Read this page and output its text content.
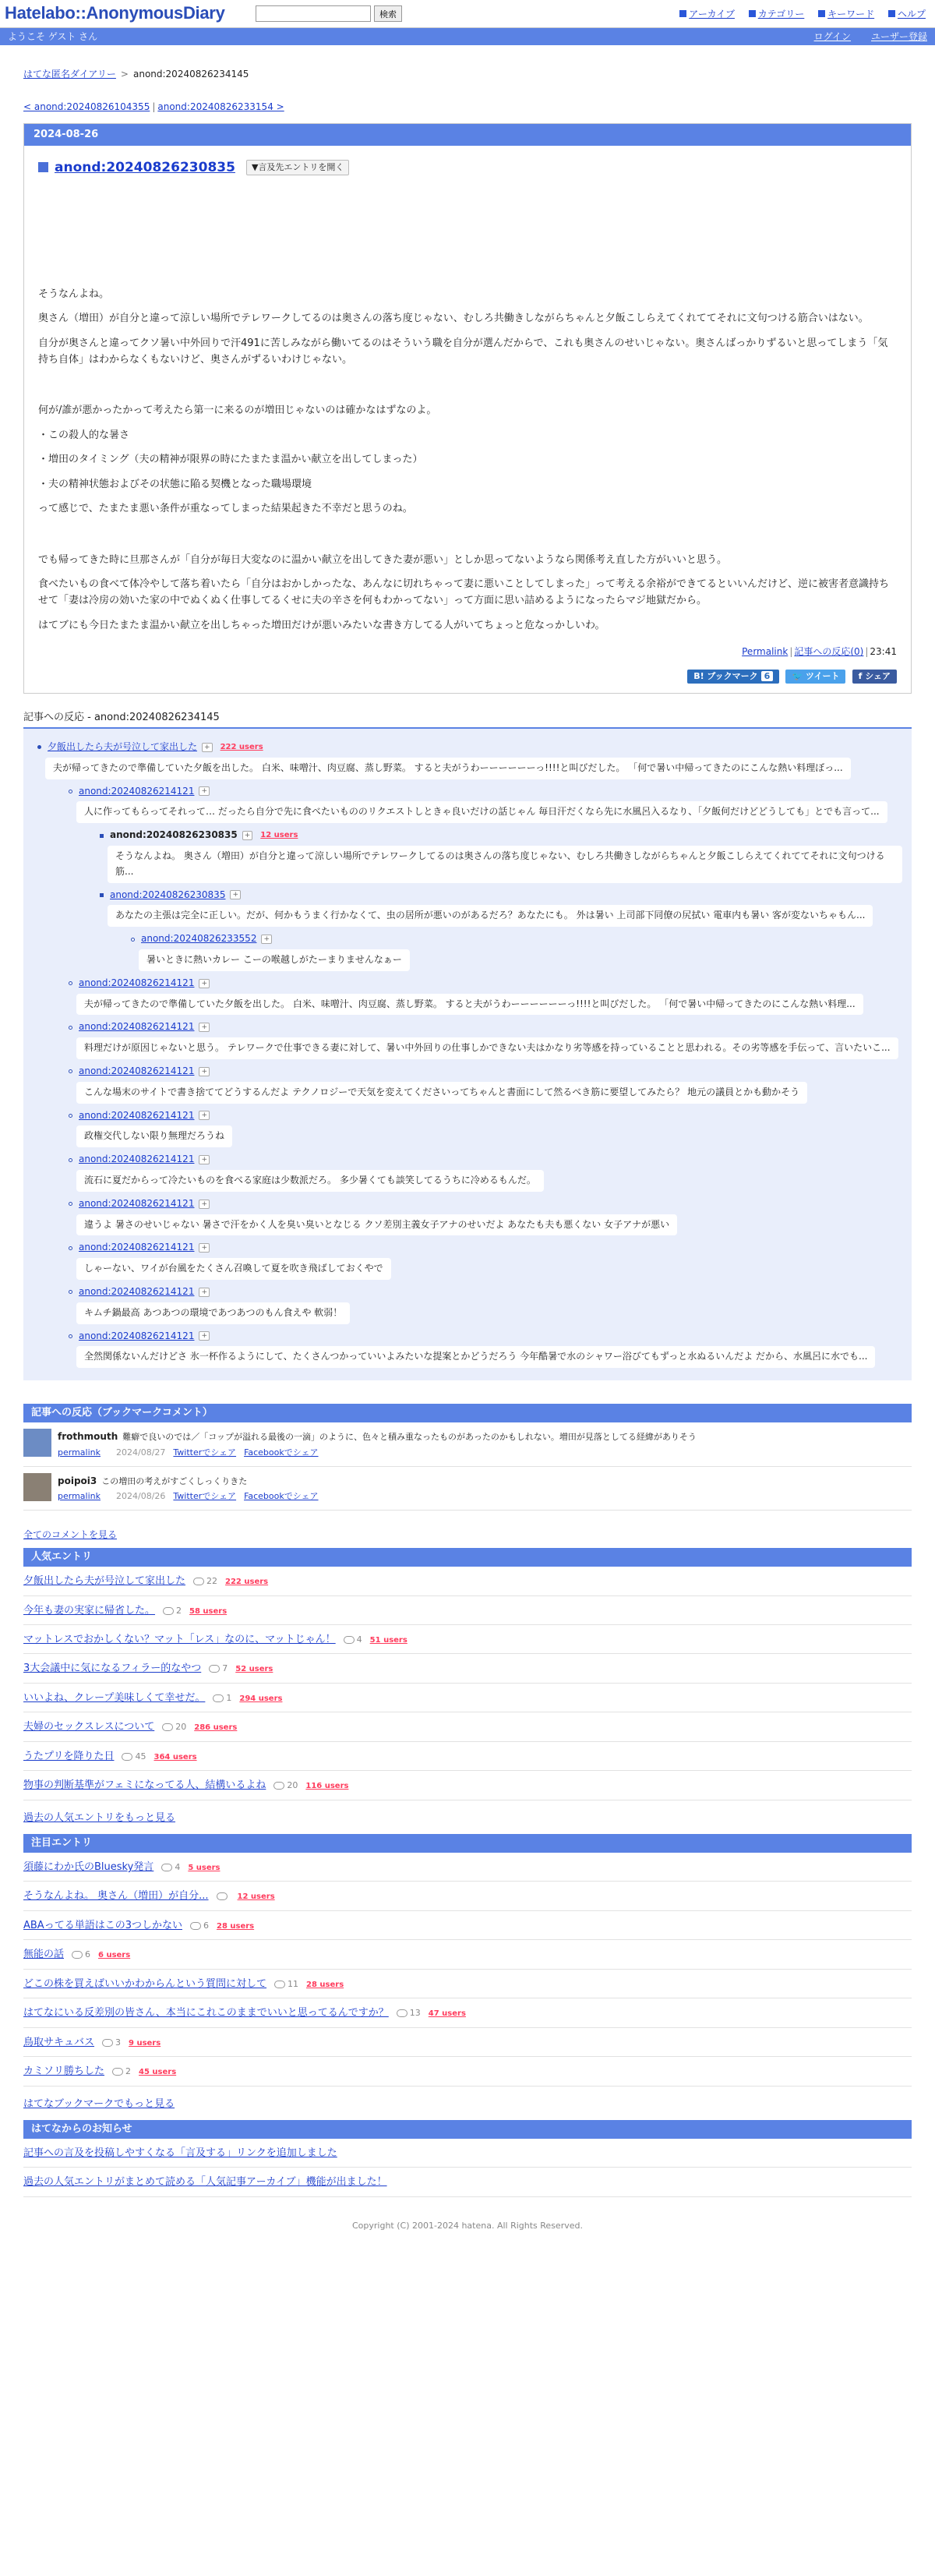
Hatelabo::AnonymousDiary	検索	アーカイブ カテゴリー キーワード ヘルプ
ようこそ ゲスト さん	ログイン ユーザー登録
はてな匿名ダイアリー > anond:20240826234145
< anond:20240826104355 | anond:20240826233154 >
2024-08-26
anond:20240826230835	▼言及先エントリを開く

そうなんよね。

奥さん（増田）が自分と違って涼しい場所でテレワークしてるのは奥さんの落ち度じゃない、むしろ共働きしながらちゃんと夕飯こしらえてくれててそれに文句つける筋合いはない。

自分が奥さんと違ってクソ暑い中外回りで汗491に苦しみながら働いてるのはそういう職を自分が選んだからで、これも奥さんのせいじゃない。奥さんばっかりずるいと思ってしまう「気持ち自体」はわからなくもないけど、奥さんがずるいわけじゃない。

何が/誰が悪かったかって考えたら第一に来るのが増田じゃないのは確かなはずなのよ。

・この殺人的な暑さ

・増田のタイミング（夫の精神が限界の時にたまたま温かい献立を出してしまった）

・夫の精神状態およびその状態に陥る契機となった職場環境

って感じで、たまたま悪い条件が重なってしまった結果起きた不幸だと思うのね。

でも帰ってきた時に旦那さんが「自分が毎日大変なのに温かい献立を出してきた妻が悪い」としか思ってないようなら関係考え直した方がいいと思う。

食べたいもの食べて体冷やして落ち着いたら「自分はおかしかったな、あんなに切れちゃって妻に悪いことしてしまった」って考える余裕ができてるといいんだけど、逆に被害者意識持ちせて「妻は冷房の効いた家の中でぬくぬく仕事してるくせに夫の辛さを何もわかってない」って方面に思い詰めるようになったらマジ地獄だから。

はてブにも今日たまたま温かい献立を出しちゃった増田だけが悪いみたいな書き方してる人がいてちょっと危なっかしいわ。

Permalink | 記事への反応(0) | 23:41
B! ブックマーク 6	🐦 ツイート f シェア
記事への反応 - anond:20240826234145
夕飯出したら夫が号泣して家出した	+	222 users
夫が帰ってきたので準備していた夕飯を出した。 白米、味噌汁、肉豆腐、蒸し野菜。 すると夫がうわーーーーーーっ!!!!と叫びだした。 「何で暑い中帰ってきたのにこんな熱い料理ぼっ...
anond:20240826214121	+
人に作ってもらってそれって… だったら自分で先に食べたいもののリクエストしときゃ良いだけの話じゃん 毎日汗だくなら先に水風呂入るなり、「夕飯何だけどどうしても」とでも言って...
anond:20240826230835	+	12 users
そうなんよね。 奥さん（増田）が自分と違って涼しい場所でテレワークしてるのは奥さんの落ち度じゃない、むしろ共働きしながらちゃんと夕飯こしらえてくれててそれに文句つける筋...
anond:20240826230835	+
あなたの主張は完全に正しい。だが、何かもうまく行かなくて、虫の居所が悪いのがあるだろ？あなたにも。 外は暑い 上司部下同僚の尻拭い 電車内も暑い 客が変ないちゃもん...
anond:20240826233552	+
暑いときに熱いカレー こーの喉越しがたーまりませんなぁー
anond:20240826214121	+
夫が帰ってきたので準備していた夕飯を出した。 白米、味噌汁、肉豆腐、蒸し野菜。 すると夫がうわーーーーーーっ!!!!と叫びだした。 「何で暑い中帰ってきたのにこんな熱い料理...
anond:20240826214121	+
料理だけが原因じゃないと思う。 テレワークで仕事できる妻に対して、暑い中外回りの仕事しかできない夫はかなり劣等感を持っていることと思われる。その劣等感を手伝って、言いたいこ...
anond:20240826214121	+
こんな場末のサイトで書き捨ててどうするんだよ テクノロジーで天気を変えてくださいってちゃんと書面にして然るべき筋に要望してみたら？ 地元の議員とかも動かそう
anond:20240826214121	+
政権交代しない限り無理だろうね
anond:20240826214121	+
流石に夏だからって冷たいものを食べる家庭は少数派だろ。 多少暑くても談笑してるうちに冷めるもんだ。
anond:20240826214121	+
違うよ 暑さのせいじゃない 暑さで汗をかく人を臭い臭いとなじる クソ差別主義女子アナのせいだよ あなたも夫も悪くない 女子アナが悪い
anond:20240826214121	+
しゃーない、ワイが台風をたくさん召喚して夏を吹き飛ばしておくやで
anond:20240826214121	+
キムチ鍋最高 あつあつの環境であつあつのもん食えや 軟弱！
anond:20240826214121	+
全然関係ないんだけどさ 氷一杯作るようにして、たくさんつかっていいよみたいな提案とかどうだろう 今年酷暑で水のシャワー浴びてもずっと水ぬるいんだよ だから、水風呂に水でも...
記事への反応（ブックマークコメント）
frothmouth 難癖で良いのでは／「コップが溢れる最後の一滴」のように、色々と積み重なったものがあったのかもしれない。増田が見落としてる経緯がありそう
permalink 2024/08/27 Twitterでシェア Facebookでシェア
poipoi3 この増田の考えがすごくしっくりきた
permalink 2024/08/26 Twitterでシェア Facebookでシェア
全てのコメントを見る
人気エントリ
夕飯出したら夫が号泣して家出した 22 222 users
今年も妻の実家に帰省した。 2 58 users
マットレスでおかしくない？マット「レス」なのに、マットじゃん！ 4 51 users
3大会議中に気になるフィラー的なやつ 7 52 users
いいよね、クレープ美味しくて幸せだ。 1 294 users
夫婦のセックスレスについて 20 286 users
うたプリを降りた日 45 364 users
物事の判断基準がフェミになってる人、結構いるよね 20 116 users
過去の人気エントリをもっと見る
注目エントリ
須藤にわか氏のBluesky発言 4 5 users
そうなんよね。 奥さん（増田）が自分...	12 users
ABAってる単語はこの3つしかない 6 28 users
無能の話 6 6 users
どこの株を買えばいいかわからんという質問に対して 11 28 users
はてなにいる反差別の皆さん、本当にこれこのままでいいと思ってるんですか？ 13 47 users
鳥取サキュバス 3 9 users
カミソリ勝ちした 2 45 users
はてなブックマークでもっと見る
はてなからのお知らせ
記事への言及を投稿しやすくなる「言及する」リンクを追加しました
過去の人気エントリがまとめて読める「人気記事アーカイブ」機能が出ました！
Copyright (C) 2001-2024 hatena. All Rights Reserved.
